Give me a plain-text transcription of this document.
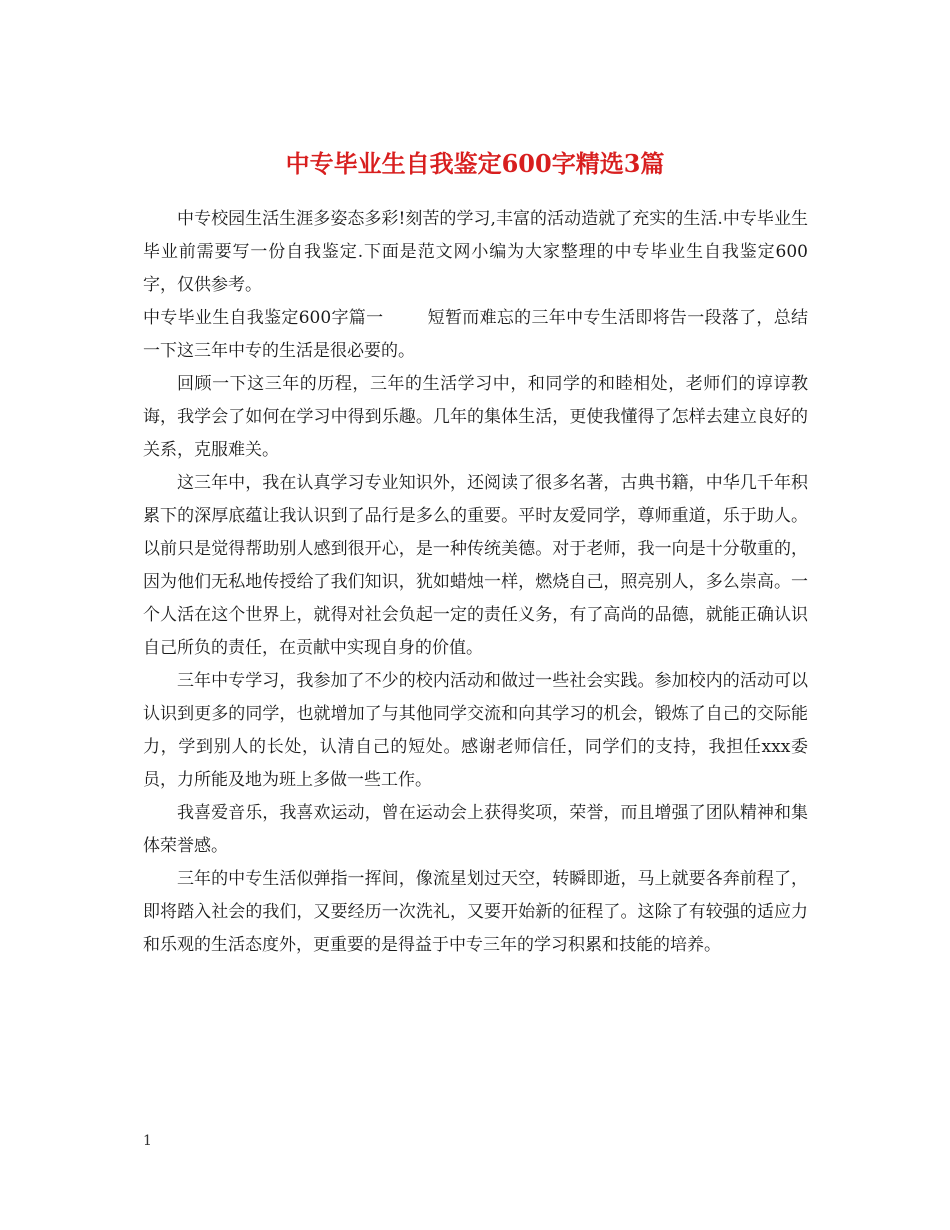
中专毕业生自我鉴定600字精选3篇

中专校园生活生涯多姿态多彩!刻苦的学习,丰富的活动造就了充实的生活.中专毕业生毕业前需要写一份自我鉴定.下面是范文网小编为大家整理的中专毕业生自我鉴定600字，仅供参考。

中专毕业生自我鉴定600字篇一	短暂而难忘的三年中专生活即将告一段落了，总结一下这三年中专的生活是很必要的。

回顾一下这三年的历程，三年的生活学习中，和同学的和睦相处，老师们的谆谆教诲，我学会了如何在学习中得到乐趣。几年的集体生活，更使我懂得了怎样去建立良好的关系，克服难关。

这三年中，我在认真学习专业知识外，还阅读了很多名著，古典书籍，中华几千年积累下的深厚底蕴让我认识到了品行是多么的重要。平时友爱同学，尊师重道，乐于助人。以前只是觉得帮助别人感到很开心，是一种传统美德。对于老师，我一向是十分敬重的，因为他们无私地传授给了我们知识，犹如蜡烛一样，燃烧自己，照亮别人，多么崇高。一个人活在这个世界上，就得对社会负起一定的责任义务，有了高尚的品德，就能正确认识自己所负的责任，在贡献中实现自身的价值。

三年中专学习，我参加了不少的校内活动和做过一些社会实践。参加校内的活动可以认识到更多的同学，也就增加了与其他同学交流和向其学习的机会，锻炼了自己的交际能力，学到别人的长处，认清自己的短处。感谢老师信任，同学们的支持，我担任xxx委员，力所能及地为班上多做一些工作。

我喜爱音乐，我喜欢运动，曾在运动会上获得奖项，荣誉，而且增强了团队精神和集体荣誉感。

三年的中专生活似弹指一挥间，像流星划过天空，转瞬即逝，马上就要各奔前程了，即将踏入社会的我们，又要经历一次洗礼，又要开始新的征程了。这除了有较强的适应力和乐观的生活态度外，更重要的是得益于中专三年的学习积累和技能的培养。

1
